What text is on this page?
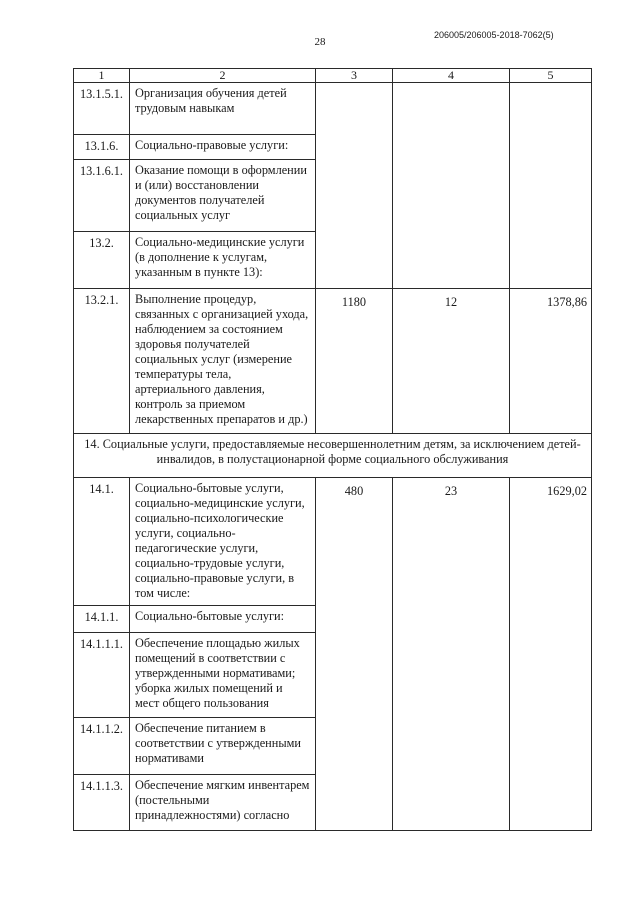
28
206005/206005-2018-7062(5)
1	2	3	4	5
13.1.5.1.	Организация обучения детей трудовым навыкам			
13.1.6.	Социально-правовые услуги:			
13.1.6.1.	Оказание помощи в оформлении и (или) восстановлении документов получателей социальных услуг			
13.2.	Социально-медицинские услуги (в дополнение к услугам, указанным в пункте 13):			
13.2.1.	Выполнение процедур, связанных с организацией ухода, наблюдением за состоянием здоровья получателей социальных услуг (измерение температуры тела, артериального давления, контроль за приемом лекарственных препаратов и др.)	1180	12	1378,86
14. Социальные услуги, предоставляемые несовершеннолетним детям, за исключением детей-инвалидов, в полустационарной форме социального обслуживания				
14.1.	Социально-бытовые услуги, социально-медицинские услуги, социально-психологические услуги, социально-педагогические услуги, социально-трудовые услуги, социально-правовые услуги, в том числе:	480	23	1629,02
14.1.1.	Социально-бытовые услуги:			
14.1.1.1.	Обеспечение площадью жилых помещений в соответствии с утвержденными нормативами; уборка жилых помещений и мест общего пользования			
14.1.1.2.	Обеспечение питанием в соответствии с утвержденными нормативами			
14.1.1.3.	Обеспечение мягким инвентарем (постельными принадлежностями) согласно			
